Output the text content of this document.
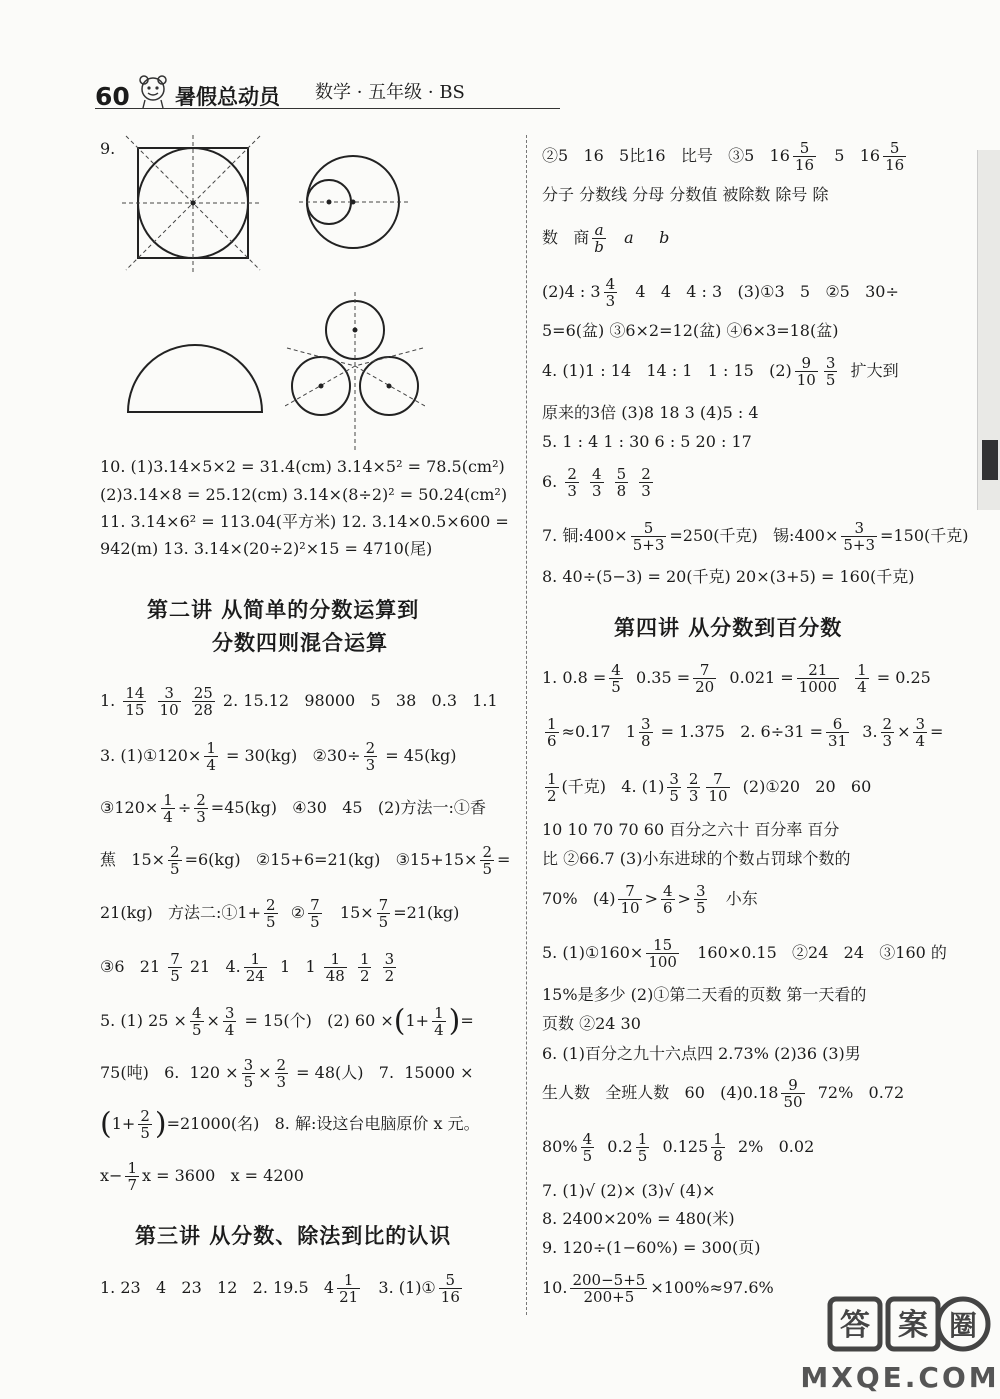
60 暑假总动员 数学 · 五年级 · BS
9.
10. (1)3.14×5×2 = 31.4(cm) 3.14×5² = 78.5(cm²)
(2)3.14×8 = 25.12(cm) 3.14×(8÷2)² = 50.24(cm²)
11. 3.14×6² = 113.04(平方米) 12. 3.14×0.5×600 =
942(m) 13. 3.14×(20÷2)²×15 = 4710(尾)
第二讲 从简单的分数运算到
分数四则混合运算
1. $\frac{14}{15}$
$\frac{3}{10}$
$\frac{25}{28} 2$. 15.12   98000   5   38   0.3   1.1
3. (1)①120× $\frac{1}{4} = 30(kg)$   ②30÷ $\frac{2}{3} = 45(kg)$
③120× $\frac{1}{4} \div \frac{2}{3} =45(kg)$   ④30   45   (2)方法一:①香
蕉   $15\times \frac{2}{5} =6(kg)$   ②15+6=21(kg)   ③15+15× $\frac{2}{5}$ =
21(kg)   方法二:①1+ $\frac{2}{5}$ ② $\frac{7}{5} 15\times \frac{7}{5} =21(kg)$
③6   $21 \frac{7}{5} 21$   4. $\frac{1}{24} 1$   $1 \frac{1}{48}$
$\frac{1}{2}$
$\frac{3}{2}$
5. (1) $25 \times \frac{4}{5} \times \frac{3}{4} = 15$(个)   (2) $60 \times(1+ \frac{1}{4}$ )=
75(吨)   6.  $120 \times \frac{3}{5} \times \frac{2}{3} = 48$(人)   7.  15000 ×
$(1+ \frac{2}{5} )=21000$(名)   8. 解:设这台电脑原价 x 元。
$x- \frac{1}{7}$ x = 3600   x = 4200
第三讲 从分数、除法到比的认识
1. 23   4   23   12   2. 19.5   $4 \frac{1}{21} 3$. (1)① $\frac{5}{16}$
②5   16   5比16   比号   ③5   $16 \frac{5}{16} 5$   $16 \frac{5}{16}$
分子 分数线 分母 分数值 被除数 除号 除
数   商 $\frac{a}{b}$ a     b
(2)4 : $3 \frac{4}{3} 4$   4   4 : 3   (3)①3   5   ②5   30÷
5=6(盆) ③6×2=12(盆) ④6×3=18(盆)
4. (1)1 : 14   14 : 1   1 : 15   $(2) \frac{9}{10} \frac{3}{5}$ 扩大到
原来的3倍 (3)8 18 3 (4)5 : 4
5. 1 : 4 1 : 30 6 : 5 20 : 17
6. $\frac{2}{3}$
$\frac{4}{3}$
$\frac{5}{8}$
$\frac{2}{3}$
7. 铜:400× $\frac{5}{5+3} =250$(千克)   锡:400× $\frac{3}{5+3} =150$(千克)
8. 40÷(5−3) = 20(千克) 20×(3+5) = 160(千克)
第四讲 从分数到百分数
1. $0.8 = \frac{4}{5} 0.35 = \frac{7}{20} 0.021 = \frac{21}{1000}$
$\frac{1}{4} = 0.25$
$\frac{1}{6} \approx 0.17$   $1 \frac{3}{8} = 1.375$   2. $6\div 31 = \frac{6}{31} 3$. $\frac{2}{3} \times \frac{3}{4}$ =
$\frac{1}{2}$ (千克)   4. $(1) \frac{3}{5} \frac{2}{3} \frac{7}{10}$ (2)①20   20   60
10 10 70 70 60 百分之六十 百分率 百分
比 ②66.7 (3)小东进球的个数占罚球个数的
70%   $(4) \frac{7}{10} > \frac{4}{6} > \frac{3}{5}$ 小东
5. (1)①160× $\frac{15}{100} 160\times 0.15$   ②24   24   ③160 的
15%是多少 (2)①第二天看的页数 第一天看的
页数 ②24 30
6. (1)百分之九十六点四 2.73% (2)36 (3)男
生人数   全班人数   60   $(4)0.18 \frac{9}{50} 72\%$   0.72
$80\% \frac{4}{5} 0.2 \frac{1}{5} 0.125 \frac{1}{8} 2\%$   0.02
7. (1)√ (2)× (3)√ (4)×
8. 2400×20% = 480(米)
9. 120÷(1−60%) = 300(页)
10. $\frac{200-5+5}{200+5} \times 100\%\approx 97.6\%$
答 案 圈
MXQE.COM
